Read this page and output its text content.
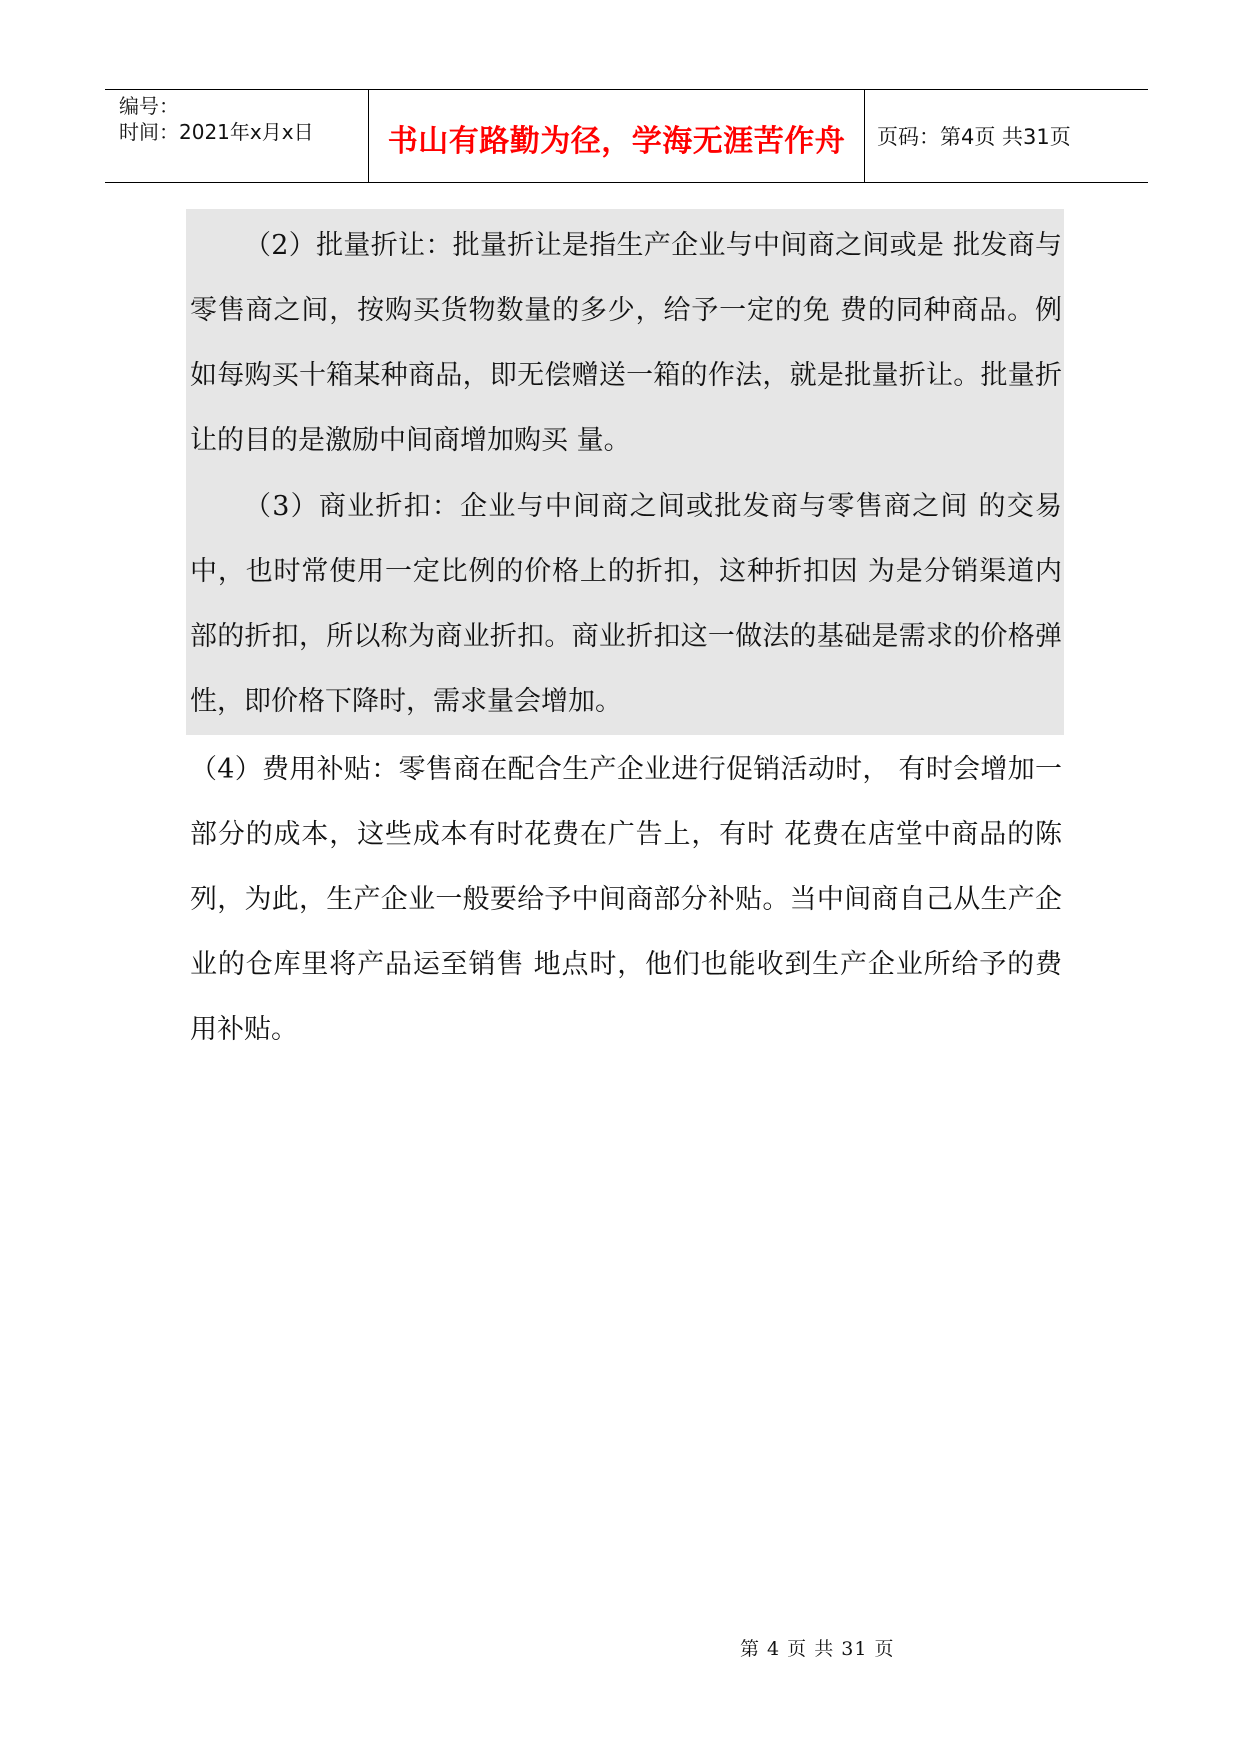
编号：
时间：2021年x月x日	书山有路勤为径，学海无涯苦作舟	页码：第4页 共31页

（2）批量折让：批量折让是指生产企业与中间商之间或是 批发商与零售商之间，按购买货物数量的多少，给予一定的免 费的同种商品。例如每购买十箱某种商品，即无偿赠送一箱的作法，就是批量折让。批量折让的目的是激励中间商增加购买 量。

（3）商业折扣：企业与中间商之间或批发商与零售商之间 的交易中，也时常使用一定比例的价格上的折扣，这种折扣因 为是分销渠道内部的折扣，所以称为商业折扣。商业折扣这一做法的基础是需求的价格弹性，即价格下降时，需求量会增加。

（4）费用补贴：零售商在配合生产企业进行促销活动时， 有时会增加一部分的成本，这些成本有时花费在广告上，有时 花费在店堂中商品的陈列，为此，生产企业一般要给予中间商部分补贴。当中间商自己从生产企业的仓库里将产品运至销售 地点时，他们也能收到生产企业所给予的费用补贴。

第 4 页 共 31 页
